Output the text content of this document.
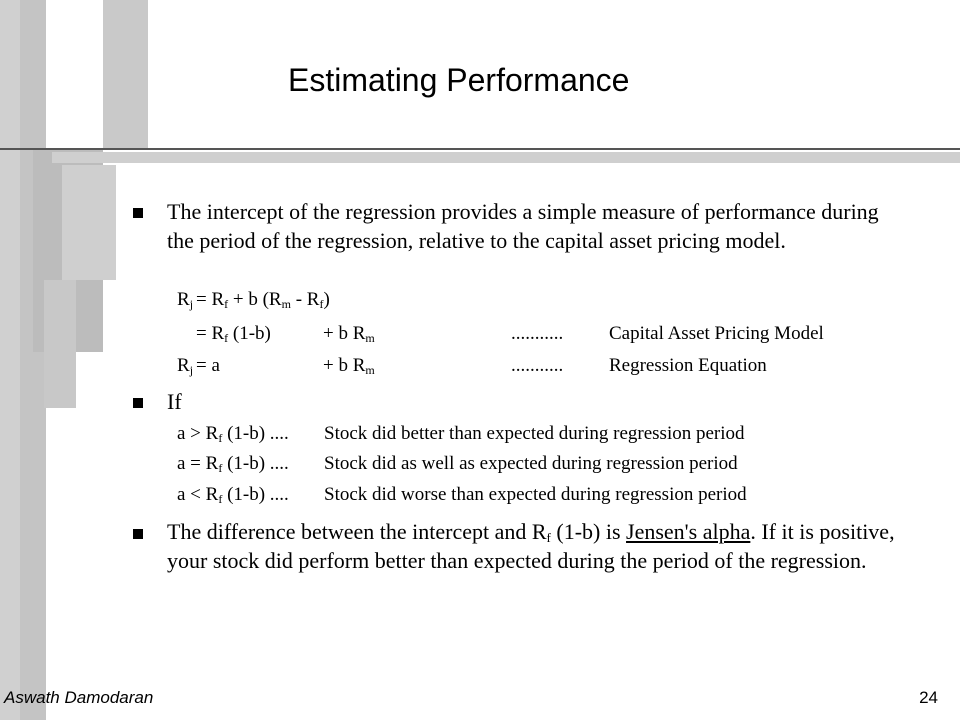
Estimating Performance
The intercept of the regression provides a simple measure of performance during the period of the regression, relative to the capital asset pricing model.
$R_j = R_f + b$ $(R_m - R_f)$
= $R_f$ (1-b)	+ b $R_m$	........... Capital Asset Pricing Model
$R_j = a$	+ b $R_m$	........... Regression Equation
If
$a > R_f$ (1-b) .... Stock did better than expected during regression period
$a = R_f$ (1-b) .... Stock did as well as expected during regression period
$a < R_f$ (1-b) .... Stock did worse than expected during regression period
The difference between the intercept and $R_f$ (1-b) is Jensen's alpha. If it is positive, your stock did perform better than expected during the period of the regression.
Aswath Damodaran	24
